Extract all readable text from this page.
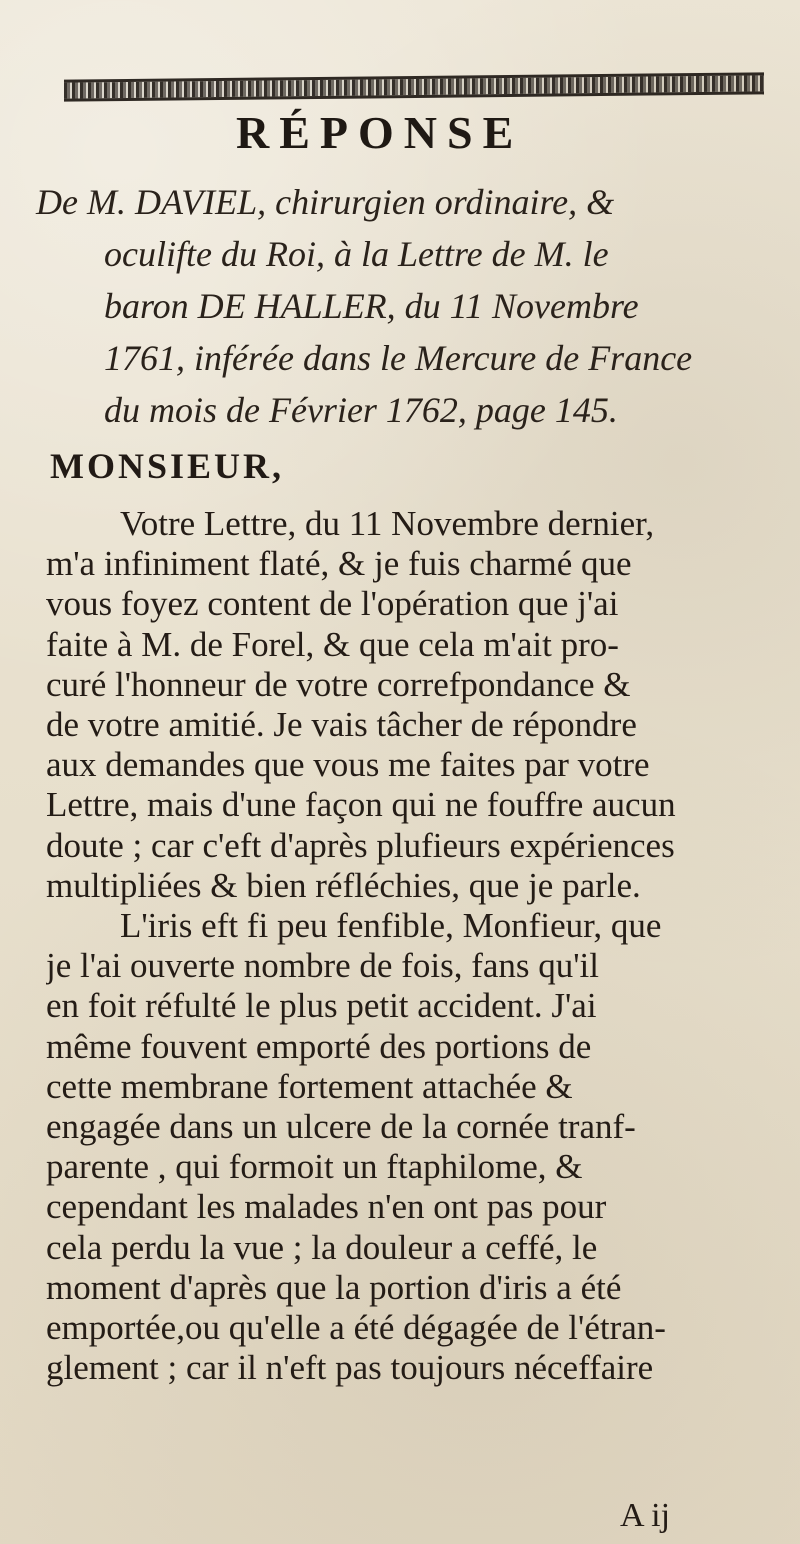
RÉPONSE
De M. DAVIEL, chirurgien ordinaire, &
oculifte du Roi, à la Lettre de M. le
baron DE HALLER, du 11 Novembre
1761, inférée dans le Mercure de France
du mois de Février 1762, page 145.
MONSIEUR,
Votre Lettre, du 11 Novembre dernier,
m'a infiniment flaté, & je fuis charmé que
vous foyez content de l'opération que j'ai
faite à M. de Forel, & que cela m'ait pro-
curé l'honneur de votre correfpondance &
de votre amitié. Je vais tâcher de répondre
aux demandes que vous me faites par votre
Lettre, mais d'une façon qui ne fouffre aucun
doute ; car c'eft d'après plufieurs expériences
multipliées & bien réfléchies, que je parle.
L'iris eft fi peu fenfible, Monfieur, que
je l'ai ouverte nombre de fois, fans qu'il
en foit réfulté le plus petit accident. J'ai
même fouvent emporté des portions de
cette membrane fortement attachée &
engagée dans un ulcere de la cornée tranf-
parente , qui formoit un ftaphilome, &
cependant les malades n'en ont pas pour
cela perdu la vue ; la douleur a ceffé, le
moment d'après que la portion d'iris a été
emportée,ou qu'elle a été dégagée de l'étran-
glement ; car il n'eft pas toujours néceffaire
A ij
